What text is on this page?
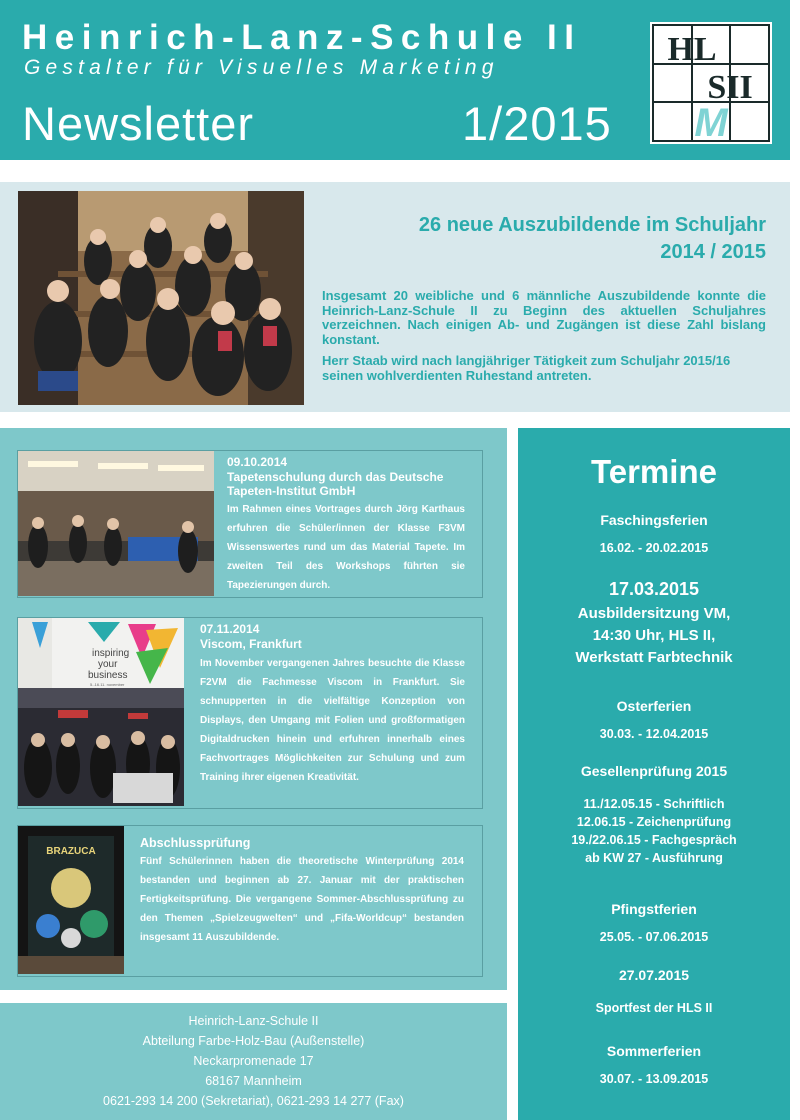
Heinrich-Lanz-Schule II
Gestalter für Visuelles Marketing
Newsletter	1/2015
HL
SII
M
26 neue Auszubildende im Schuljahr
2014 / 2015

Insgesamt 20 weibliche und 6 männliche Auszubildende konnte die Heinrich-Lanz-Schule II zu Beginn des aktuellen Schuljahres verzeichnen. Nach einigen Ab- und Zugängen ist diese Zahl bislang konstant.

Herr Staab wird nach langjähriger Tätigkeit zum Schuljahr 2015/16 seinen wohlverdienten Ruhestand antreten.

09.10.2014
Tapetenschulung durch das Deutsche Tapeten-Institut GmbH

Im Rahmen eines Vortrages durch Jörg Karthaus erfuhren die Schüler/innen der Klasse F3VM Wissenswertes rund um das Material Tapete. Im zweiten Teil des Workshops führten sie Tapezierungen durch.

inspiring
your
business
5.-16.11. november
07.11.2014
Viscom, Frankfurt

Im November vergangenen Jahres besuchte die Klasse F2VM die Fachmesse Viscom in Frankfurt. Sie schnupperten in die vielfältige Konzeption von Displays, den Umgang mit Folien und großformatigen Digitaldrucken hinein und erfuhren innerhalb eines Fachvortrages Möglichkeiten zur Schulung und zum Training ihrer eigenen Kreativität.

BRAZUCA
Abschlussprüfung

Fünf Schülerinnen haben die theoretische Winterprüfung 2014 bestanden und beginnen ab 27. Januar mit der praktischen Fertigkeitsprüfung. Die vergangene Sommer-Abschlussprüfung zu den Themen „Spielzeugwelten“ und „Fifa-Worldcup“ bestanden insgesamt 11 Auszubildende.

Termine
Faschingsferien
16.02. - 20.02.2015
17.03.2015
Ausbildersitzung VM,
14:30 Uhr, HLS II,
Werkstatt Farbtechnik
Osterferien
30.03. - 12.04.2015
Gesellenprüfung 2015
11./12.05.15 - Schriftlich
12.06.15 - Zeichenprüfung
19./22.06.15 - Fachgespräch
ab KW 27 - Ausführung
Pfingstferien
25.05. - 07.06.2015
27.07.2015
Sportfest der HLS II
Sommerferien
30.07. - 13.09.2015
Heinrich-Lanz-Schule II
Abteilung Farbe-Holz-Bau (Außenstelle)
Neckarpromenade 17
68167 Mannheim
0621-293 14 200 (Sekretariat), 0621-293 14 277 (Fax)
